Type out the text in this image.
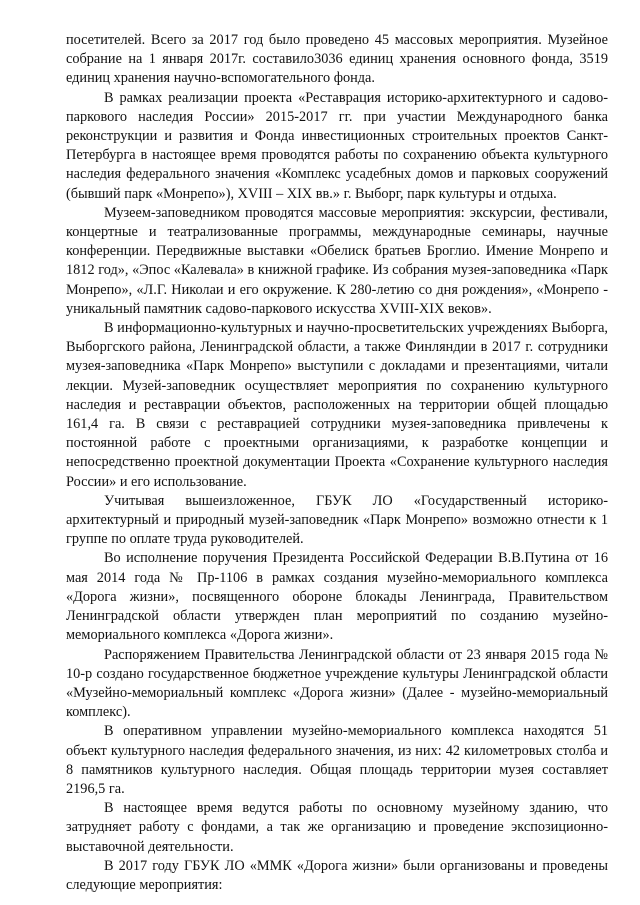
посетителей. Всего за 2017 год было проведено 45 массовых мероприятия. Музейное собрание на 1 января 2017г. составило3036 единиц хранения основного фонда, 3519 единиц хранения научно-вспомогательного фонда.

В рамках реализации проекта «Реставрация историко-архитектурного и садово-паркового наследия России» 2015-2017 гг. при участии Международного банка реконструкции и развития и Фонда инвестиционных строительных проектов Санкт-Петербурга в настоящее время проводятся работы по сохранению объекта культурного наследия федерального значения «Комплекс усадебных домов и парковых сооружений (бывший парк «Монрепо»), XVIII – XIX вв.» г. Выборг, парк культуры и отдыха.

Музеем-заповедником проводятся массовые мероприятия: экскурсии, фестивали, концертные и театрализованные программы, международные семинары, научные конференции. Передвижные выставки «Обелиск братьев Броглио. Имение Монрепо и 1812 год», «Эпос «Калевала» в книжной графике. Из собрания музея-заповедника «Парк Монрепо», «Л.Г. Николаи и его окружение. К 280-летию со дня рождения», «Монрепо - уникальный памятник садово-паркового искусства XVIII-XIX веков».

В информационно-культурных и научно-просветительских учреждениях Выборга, Выборгского района, Ленинградской области, а также Финляндии в 2017 г. сотрудники музея-заповедника «Парк Монрепо» выступили с докладами и презентациями, читали лекции. Музей-заповедник осуществляет мероприятия по сохранению культурного наследия и реставрации объектов, расположенных на территории общей площадью 161,4 га. В связи с реставрацией сотрудники музея-заповедника привлечены к постоянной работе с проектными организациями, к разработке концепции и непосредственно проектной документации Проекта «Сохранение культурного наследия России» и его использование.

Учитывая вышеизложенное, ГБУК ЛО «Государственный историко-архитектурный и природный музей-заповедник «Парк Монрепо» возможно отнести к 1 группе по оплате труда руководителей.

Во исполнение поручения Президента Российской Федерации В.В.Путина от 16 мая 2014 года № Пр-1106 в рамках создания музейно-мемориального комплекса «Дорога жизни», посвященного обороне блокады Ленинграда, Правительством Ленинградской области утвержден план мероприятий по созданию музейно-мемориального комплекса «Дорога жизни».

Распоряжением Правительства Ленинградской области от 23 января 2015 года № 10-р создано государственное бюджетное учреждение культуры Ленинградской области «Музейно-мемориальный комплекс «Дорога жизни» (Далее - музейно-мемориальный комплекс).

В оперативном управлении музейно-мемориального комплекса находятся 51 объект культурного наследия федерального значения, из них: 42 километровых столба и 8 памятников культурного наследия. Общая площадь территории музея составляет 2196,5 га.

В настоящее время ведутся работы по основному музейному зданию, что затрудняет работу с фондами, а так же организацию и проведение экспозиционно-выставочной деятельности.

В 2017 году ГБУК ЛО «ММК «Дорога жизни» были организованы и проведены следующие мероприятия:
